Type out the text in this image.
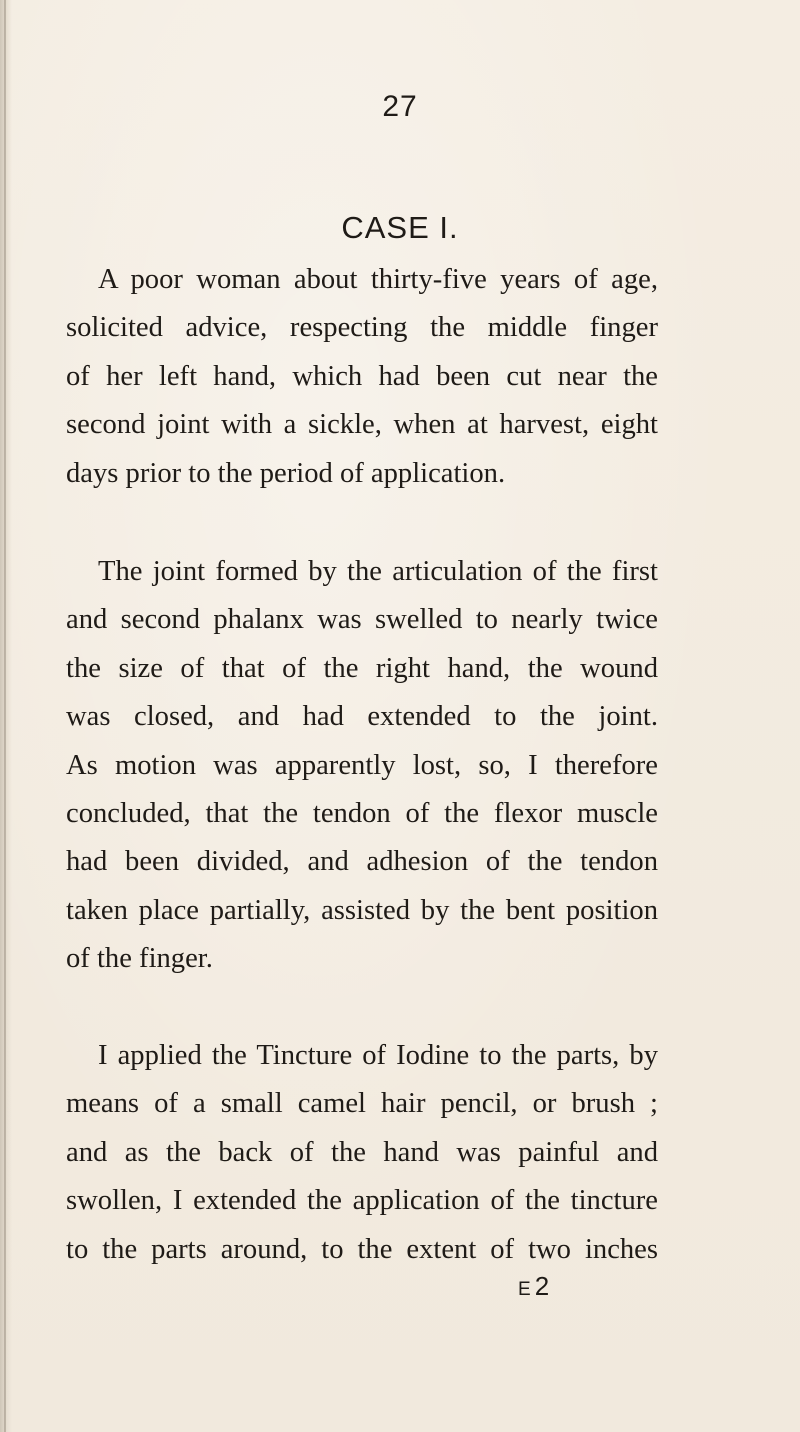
27
CASE I.

A poor woman about thirty-five years of age,
solicited advice, respecting the middle finger
of her left hand, which had been cut near the
second joint with a sickle, when at harvest, eight
days prior to the period of application.

The joint formed by the articulation of the first
and second phalanx was swelled to nearly twice
the size of that of the right hand, the wound
was closed, and had extended to the joint.
As motion was apparently lost, so, I therefore
concluded, that the tendon of the flexor muscle
had been divided, and adhesion of the tendon
taken place partially, assisted by the bent position
of the finger.

I applied the Tincture of Iodine to the parts, by
means of a small camel hair pencil, or brush ;
and as the back of the hand was painful and
swollen, I extended the application of the tincture
to the parts around, to the extent of two inches

E2
